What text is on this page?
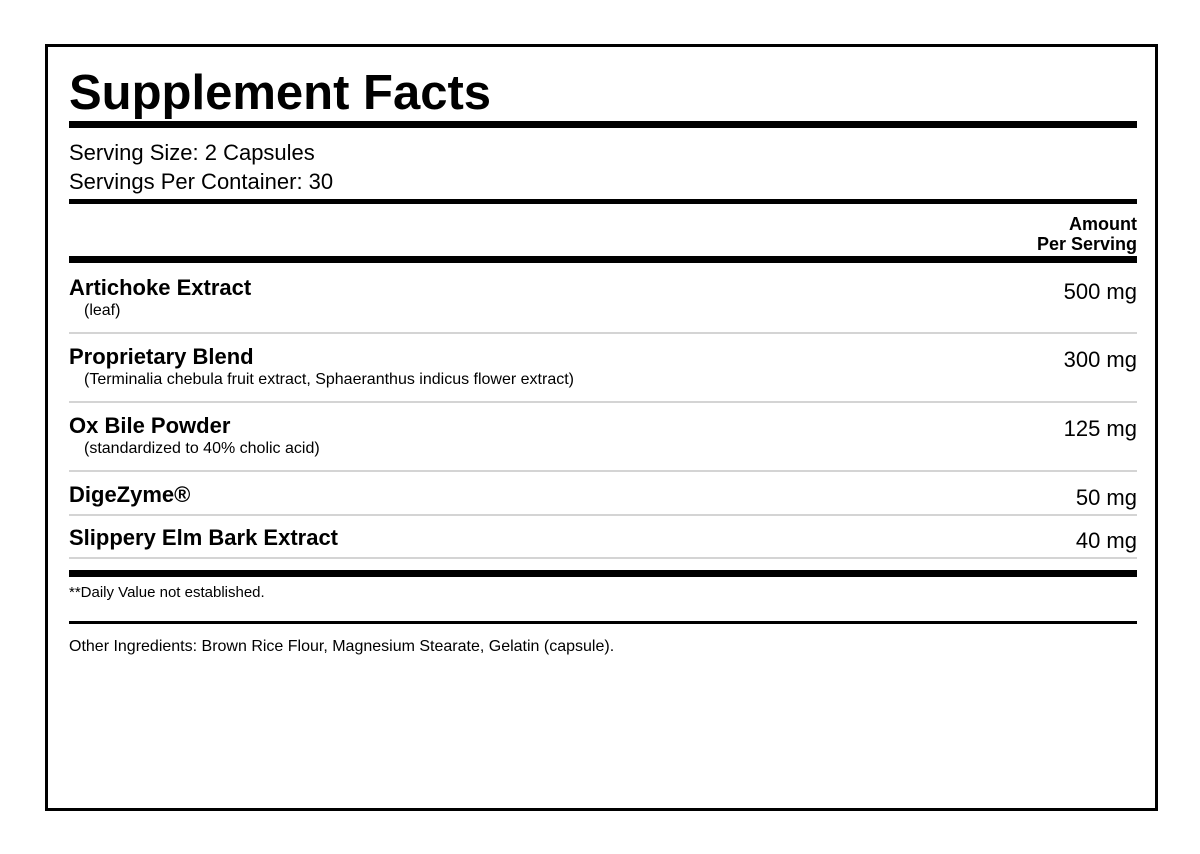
Supplement Facts
Serving Size: 2 Capsules
Servings Per Container: 30
Amount
Per Serving
Artichoke Extract
(leaf)
500 mg
Proprietary Blend
(Terminalia chebula fruit extract, Sphaeranthus indicus flower extract)
300 mg
Ox Bile Powder
(standardized to 40% cholic acid)
125 mg
DigeZyme®	50 mg
Slippery Elm Bark Extract	40 mg
**Daily Value not established.
Other Ingredients: Brown Rice Flour, Magnesium Stearate, Gelatin (capsule).
